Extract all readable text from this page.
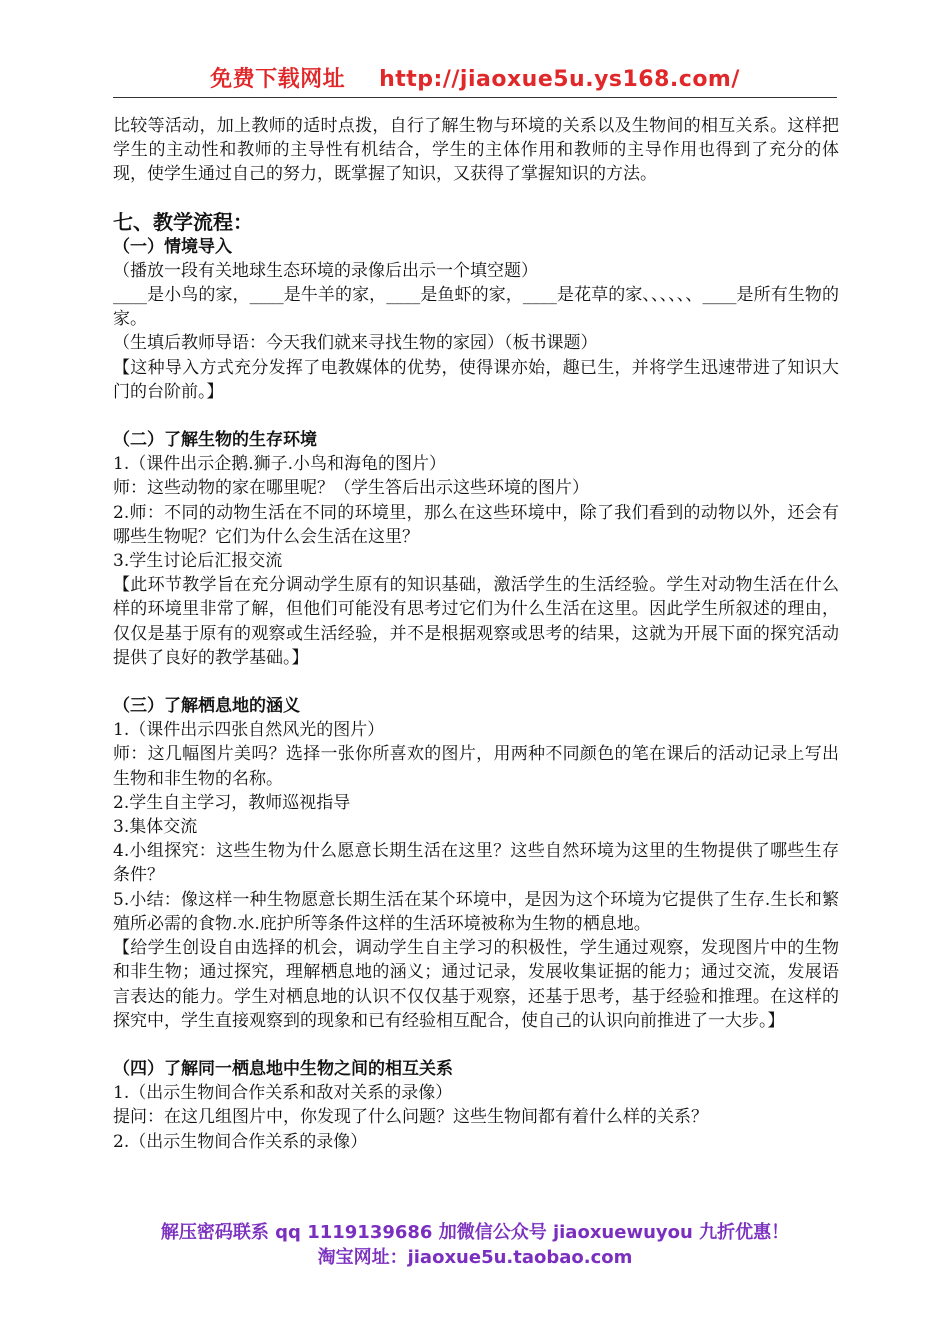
免费下载网址 http://jiaoxue5u.ys168.com/

比较等活动，加上教师的适时点拨，自行了解生物与环境的关系以及生物间的相互关系。这样把学生的主动性和教师的主导性有机结合，学生的主体作用和教师的主导作用也得到了充分的体现，使学生通过自己的努力，既掌握了知识，又获得了掌握知识的方法。

七、教学流程：

（一）情境导入

（播放一段有关地球生态环境的录像后出示一个填空题）

____是小鸟的家，____是牛羊的家，____是鱼虾的家，____是花草的家、、、、、、____是所有生物的家。

（生填后教师导语：今天我们就来寻找生物的家园）（板书课题）

【这种导入方式充分发挥了电教媒体的优势，使得课亦始，趣已生，并将学生迅速带进了知识大门的台阶前。】

（二）了解生物的生存环境

1.（课件出示企鹅.狮子.小鸟和海龟的图片）

师：这些动物的家在哪里呢？（学生答后出示这些环境的图片）

2.师：不同的动物生活在不同的环境里，那么在这些环境中，除了我们看到的动物以外，还会有哪些生物呢？它们为什么会生活在这里？

3.学生讨论后汇报交流

【此环节教学旨在充分调动学生原有的知识基础，激活学生的生活经验。学生对动物生活在什么样的环境里非常了解，但他们可能没有思考过它们为什么生活在这里。因此学生所叙述的理由，仅仅是基于原有的观察或生活经验，并不是根据观察或思考的结果，这就为开展下面的探究活动提供了良好的教学基础。】

（三）了解栖息地的涵义

1.（课件出示四张自然风光的图片）

师：这几幅图片美吗？选择一张你所喜欢的图片，用两种不同颜色的笔在课后的活动记录上写出生物和非生物的名称。

2.学生自主学习，教师巡视指导

3.集体交流

4.小组探究：这些生物为什么愿意长期生活在这里？这些自然环境为这里的生物提供了哪些生存条件？

5.小结：像这样一种生物愿意长期生活在某个环境中，是因为这个环境为它提供了生存.生长和繁殖所必需的食物.水.庇护所等条件这样的生活环境被称为生物的栖息地。

【给学生创设自由选择的机会，调动学生自主学习的积极性，学生通过观察，发现图片中的生物和非生物；通过探究，理解栖息地的涵义；通过记录，发展收集证据的能力；通过交流，发展语言表达的能力。学生对栖息地的认识不仅仅基于观察，还基于思考，基于经验和推理。在这样的探究中，学生直接观察到的现象和已有经验相互配合，使自己的认识向前推进了一大步。】

（四）了解同一栖息地中生物之间的相互关系

1.（出示生物间合作关系和敌对关系的录像）

提问：在这几组图片中，你发现了什么问题？这些生物间都有着什么样的关系？

2.（出示生物间合作关系的录像）

解压密码联系 qq 1119139686 加微信公众号 jiaoxuewuyou 九折优惠！
淘宝网址：jiaoxue5u.taobao.com
